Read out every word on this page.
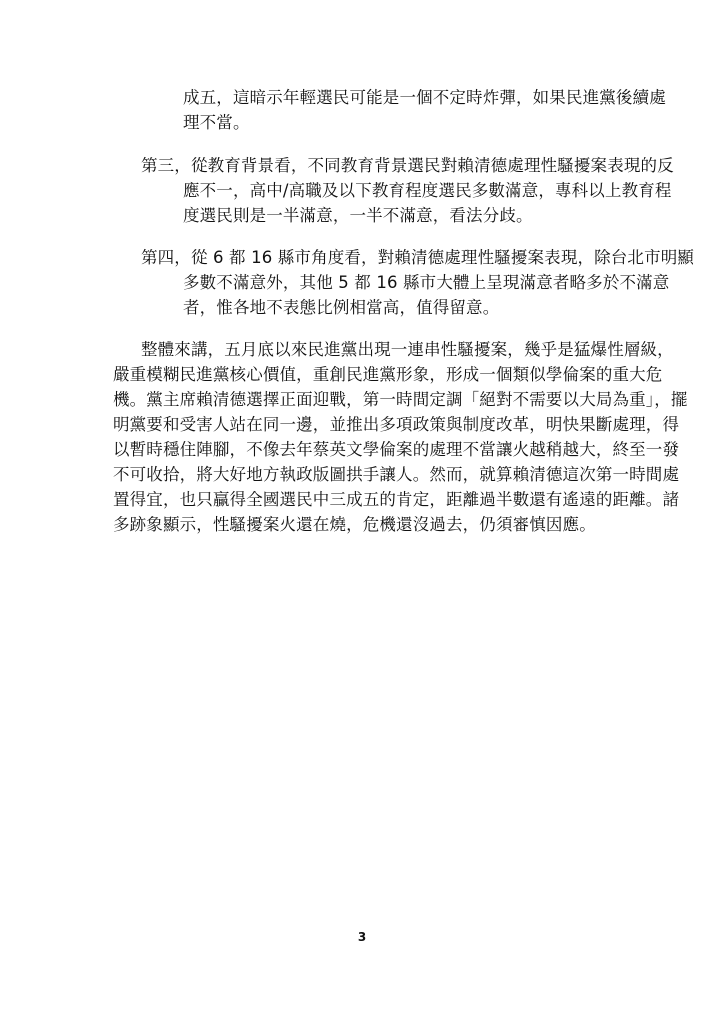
成五，這暗示年輕選民可能是一個不定時炸彈，如果民進黨後續處
理不當。
第三，從教育背景看，不同教育背景選民對賴清德處理性騷擾案表現的反
應不一，高中/高職及以下教育程度選民多數滿意，專科以上教育程
度選民則是一半滿意，一半不滿意，看法分歧。
第四，從 6 都 16 縣市角度看，對賴清德處理性騷擾案表現，除台北市明顯
多數不滿意外，其他 5 都 16 縣市大體上呈現滿意者略多於不滿意
者，惟各地不表態比例相當高，值得留意。
整體來講，五月底以來民進黨出現一連串性騷擾案，幾乎是猛爆性層級，
嚴重模糊民進黨核心價值，重創民進黨形象，形成一個類似學倫案的重大危
機。黨主席賴清德選擇正面迎戰，第一時間定調「絕對不需要以大局為重」，擺
明黨要和受害人站在同一邊，並推出多項政策與制度改革，明快果斷處理，得
以暫時穩住陣腳，不像去年蔡英文學倫案的處理不當讓火越稍越大，終至一發
不可收拾，將大好地方執政版圖拱手讓人。然而，就算賴清德這次第一時間處
置得宜，也只贏得全國選民中三成五的肯定，距離過半數還有遙遠的距離。諸
多跡象顯示，性騷擾案火還在燒，危機還沒過去，仍須審慎因應。
3
